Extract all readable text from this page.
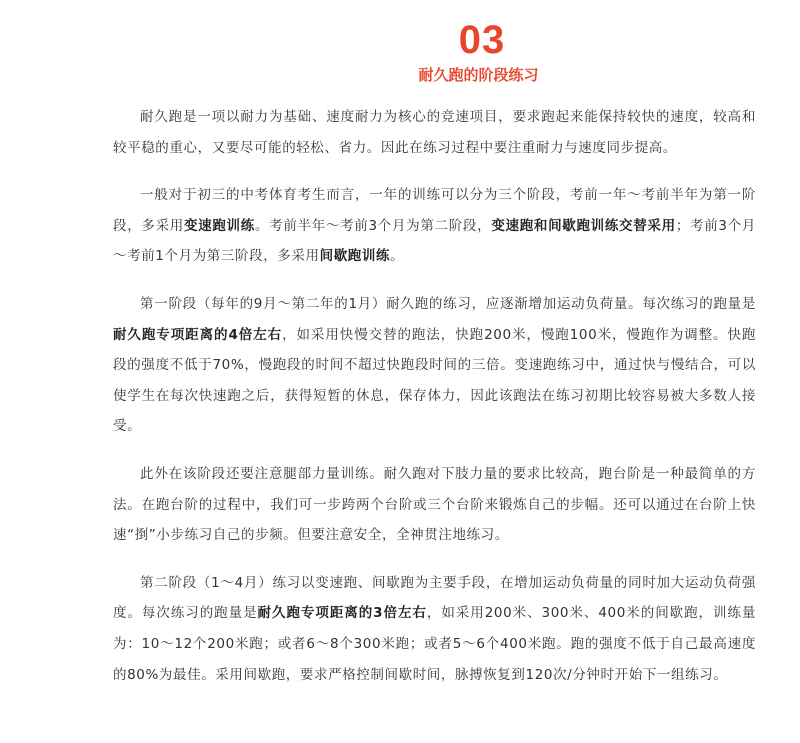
03
耐久跑的阶段练习

耐久跑是一项以耐力为基础、速度耐力为核心的竞速项目，要求跑起来能保持较快的速度，较高和较平稳的重心，又要尽可能的轻松、省力。因此在练习过程中要注重耐力与速度同步提高。

一般对于初三的中考体育考生而言，一年的训练可以分为三个阶段，考前一年～考前半年为第一阶段，多采用变速跑训练。考前半年～考前3个月为第二阶段，变速跑和间歇跑训练交替采用；考前3个月～考前1个月为第三阶段，多采用间歇跑训练。

第一阶段（每年的9月～第二年的1月）耐久跑的练习，应逐渐增加运动负荷量。每次练习的跑量是耐久跑专项距离的4倍左右，如采用快慢交替的跑法，快跑200米，慢跑100米，慢跑作为调整。快跑段的强度不低于70%，慢跑段的时间不超过快跑段时间的三倍。变速跑练习中，通过快与慢结合，可以使学生在每次快速跑之后，获得短暂的休息，保存体力，因此该跑法在练习初期比较容易被大多数人接受。

此外在该阶段还要注意腿部力量训练。耐久跑对下肢力量的要求比较高，跑台阶是一种最简单的方法。在跑台阶的过程中，我们可一步跨两个台阶或三个台阶来锻炼自己的步幅。还可以通过在台阶上快速“捯”小步练习自己的步频。但要注意安全，全神贯注地练习。

第二阶段（1～4月）练习以变速跑、间歇跑为主要手段，在增加运动负荷量的同时加大运动负荷强度。每次练习的跑量是耐久跑专项距离的3倍左右，如采用200米、300米、400米的间歇跑，训练量为：10～12个200米跑；或者6～8个300米跑；或者5～6个400米跑。跑的强度不低于自己最高速度的80%为最佳。采用间歇跑，要求严格控制间歇时间，脉搏恢复到120次/分钟时开始下一组练习。
